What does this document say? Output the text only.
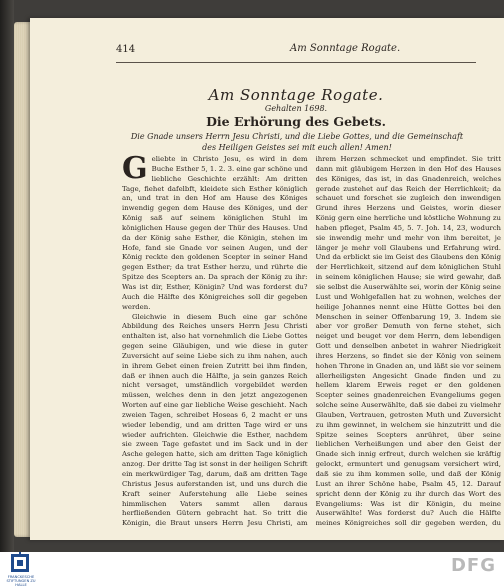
414	Am Sonntage Rogate.
Am Sonntage Rogate.
Gehalten 1698.
Die Erhörung des Gebets.
Die Gnade unsers Herrn Jesu Christi, und die Liebe Gottes, und die Gemeinschaft des Heiligen Geistes sei mit euch allen! Amen!
G eliebte in Christo Jesu, es wird in dem Buche Esther 5, 1. 2. 3. eine gar schöne und liebliche Geschichte erzählt: Am dritten Tage, fiehet dafelbft, kleidete sich Esther königlich an, und trat in den Hof am Hause des Königes inwendig gegen dem Hause des Königes, und der König saß auf seinem königlichen Stuhl im königlichen Hause gegen der Thür des Hauses. Und da der König sahe Esther, die Königin, stehen im Hofe, fand sie Gnade vor seinen Augen, und der König reckte den goldenen Scepter in seiner Hand gegen Esther; da trat Esther herzu, und rührte die Spitze des Scepters an. Da sprach der König zu ihr: Was ist dir, Esther, Königin? Und was forderst du? Auch die Hälfte des Königreiches soll dir gegeben werden.

Gleichwie in diesem Buch eine gar schöne Abbildung des Reiches unsers Herrn Jesu Christi enthalten ist, also hat vornehmlich die Liebe Gottes gegen seine Gläubigen, und wie diese in guter Zuversicht auf seine Liebe sich zu ihm nahen, auch in ihrem Gebet einen freien Zutritt bei ihm finden, daß er ihnen auch die Hälfte, ja sein ganzes Reich nicht versaget, umständlich vorgebildet werden müssen, welches denn in den jetzt angezogenen Worten auf eine gar liebliche Weise geschieht. Nach zweien Tagen, schreibet Hoseas 6, 2 macht er uns wieder lebendig, und am dritten Tage wird er uns wieder aufrichten. Gleichwie die Esther, nachdem sie zween Tage gefastet und im Sack und in der Asche gelegen hatte, sich am dritten Tage königlich anzog. Der dritte Tag ist sonst in der heiligen Schrift ein merkwürdiger Tag, darum, daß am dritten Tage Christus Jesus auferstanden ist, und uns durch die Kraft seiner Auferstehung alle Liebe seines himmlischen Vaters sammt allen daraus herfließenden Gütern gebracht hat. So tritt die Königin, die Braut unsers Herrn Jesu Christi, am

ihrem Herzen schmecket und empfindet. Sie tritt dann mit gläubigem Herzen in den Hof des Hauses des Königes, das ist, in das Gnadenreich, welches gerade zustehet auf das Reich der Herrlichkeit; da schauet und forschet sie zugleich den inwendigen Grund ihres Herzens und Geistes, worin dieser König gern eine herrliche und köstliche Wohnung zu haben pfleget, Psalm 45, 5. 7. Joh. 14, 23, wodurch sie inwendig mehr und mehr von ihm bereitet, je länger je mehr voll Glaubens und Erfahrung wird. Und da erblickt sie im Geist des Glaubens den König der Herrlichkeit, sitzend auf dem königlichen Stuhl in seinem königlichen Hause; sie wird gewahr, daß sie selbst die Auserwählte sei, worin der König seine Lust und Wohlgefallen hat zu wohnen, welches der heilige Johannes nennt eine Hütte Gottes bei den Menschen in seiner Offenbarung 19, 3. Indem sie aber vor großer Demuth von ferne stehet, sich neiget und beuget vor dem Herrn, dem lebendigen Gott und denselben anbetet in wahrer Niedrigkeit ihres Herzens, so findet sie der König von seinem hohen Throne in Gnaden an, und läßt sie vor seinem allerheiligsten Angesicht Gnade finden und zu hellem klarem Erweis reget er den goldenen Scepter seines gnadenreichen Evangeliums gegen solche seine Auserwählte, daß sie dabei zu vielmehr Glauben, Vertrauen, getrosten Muth und Zuversicht zu ihm gewinnet, in welchem sie hinzutritt und die Spitze seines Scepters anrühret, über seine lieblichen Verheißungen und aber den Geist der Gnade sich innig erfreut, durch welchen sie kräftig gelockt, ermuntert und genugsam versichert wird, daß sie zu ihm kommen solle, und daß der König Lust an ihrer Schöne habe, Psalm 45, 12. Darauf spricht denn der König zu ihr durch das Wort des Evangeliums: Was ist dir Königin, du meine Auserwählte! Was forderst du? Auch die Hälfte meines Königreiches soll dir gegeben werden, du

FRANCKESCHE STIFTUNGEN ZU HALLE
DFG
